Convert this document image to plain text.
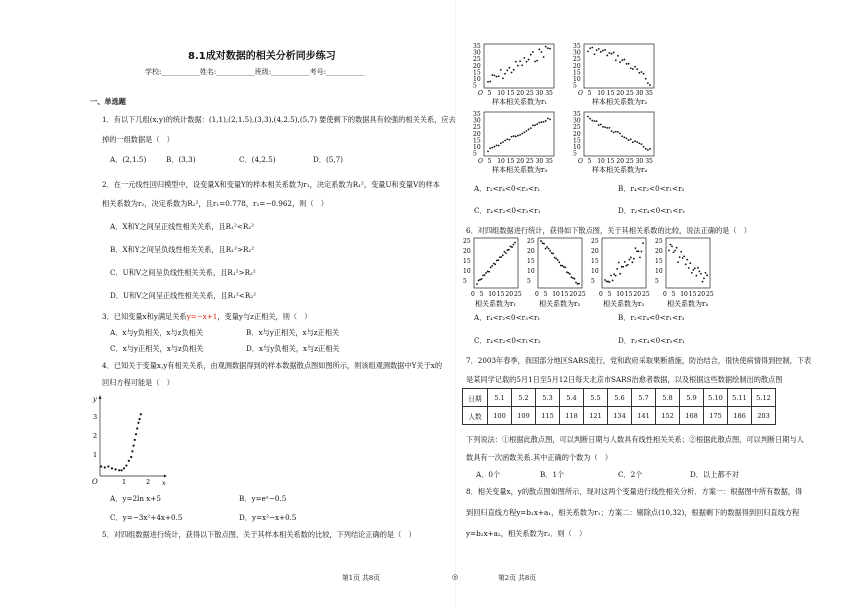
8.1成对数据的相关分析同步练习
学校:___________姓名:___________班级:___________考号:___________
一、单选题
1．有以下几组(x,y)的统计数据：(1,1),(2,1.5),(3,3),(4,2.5),(5,7) 要使剩下的数据具有较强的相关关系，应去
掉的一组数据是（　）
A．(2,1.5)	B．(3,3)	C．(4,2.5)	D．(5,7)
2．在一元线性回归模型中，设变量X和变量Y的样本相关系数为r₁，决定系数为R₁²，变量U和变量V的样本
相关系数为r₂，决定系数为R₂²，且r₁=0.778，r₂=−0.962，则（　）
A．X和Y之间呈正线性相关关系，且R₁²<R₂²
B．X和Y之间呈负线性相关关系，且R₁²>R₂²
C．U和V之间呈负线性相关关系，且R₁²>R₂²
D．U和V之间呈正线性相关关系，且R₁²<R₂²
3．已知变量x和y满足关系y=−x+1，变量y与z正相关，则（　）
A．x与y负相关，x与z负相关	B．x与y正相关，x与z正相关
C．x与y正相关，x与z负相关	D．x与y负相关，x与z正相关
4．已知关于变量x,y有相关关系，由观测数据得到的样本数据散点图如图所示，则该组观测数据中Y关于x的
回归方程可能是（　）
O	1	2 x
1
2
3
y
A．y=2ln x+5	B．y=eˣ−0.5
C．y=−3x²+4x+0.5	D．y=x²−x+0.5
5．对四组数据进行统计，获得以下散点图，关于其样本相关系数的比较，下列结论正确的是（　）
35
30
25
20
15
10
5
O 5 10 15 20 25 30 35
样本相关系数为r₁
35
30
25
20
15
10
5
O 5 10 15 20 25 30 35
样本相关系数为r₂
35
30
25
20
15
10
5
O 5 10 15 20 25 30 35
样本相关系数为r₃
35
30
25
20
15
10
5
O 5 10 15 20 25 30 35
样本相关系数为r₄
A．r₂<r₄<0<r₃<r₁	B．r₄<r₂<0<r₁<r₃
C．r₄<r₂<0<r₃<r₁	D．r₂<r₄<0<r₁<r₃
6．对四组数据进行统计，获得如下散点图，关于其相关系数的比较，说法正确的是（　）
25
20
15
10
5
0 5 10 15 20 25
相关系数为r₁
25
20
15
10
5
0 5 10 15 20 25
相关系数为r₂
25
20
15
10
5
0 5 10 15 20 25
相关系数为r₃
25
20
15
10
5
0 5 10 15 20 25
相关系数为r₄
A．r₄<r₂<0<r₃<r₁	B．r₂<r₄<0<r₁<r₃
C．r₄<r₂<0<r₁<r₃	D．r₂<r₄<0<r₃<r₁
7．2003年春季，我国部分地区SARS流行，党和政府采取果断措施，防治结合，很快使病情得到控制，下表
是某同学记载的5月1日至5月12日每天北京市SARS治愈者数据，以及根据这些数据绘制出的散点图
日期	5.1	5.2	5.3	5.4	5.5	5.6	5.7	5.8	5.9	5.10	5.11	5.12
人数	100	109	115	118	121	134	141	152	168	175	186	203
下列说法：①根据此散点图，可以判断日期与人数具有线性相关关系；②根据此散点图，可以判断日期与人
数具有一次函数关系.其中正确的个数为（　）
A．0个	B．1个	C．2个	D．以上都不对
8．相关变量x，y的散点图如图所示，现对这两个变量进行线性相关分析．方案一：根据图中所有数据，得
到回归直线方程y=b₁x+a₁，相关系数为r₁；方案二：剔除点(10,32)，根据剩下的数据得到回归直线方程
y=b₂x+a₂，相关系数为r₂．则（　）
第1页 共8页	◎	第2页 共8页
